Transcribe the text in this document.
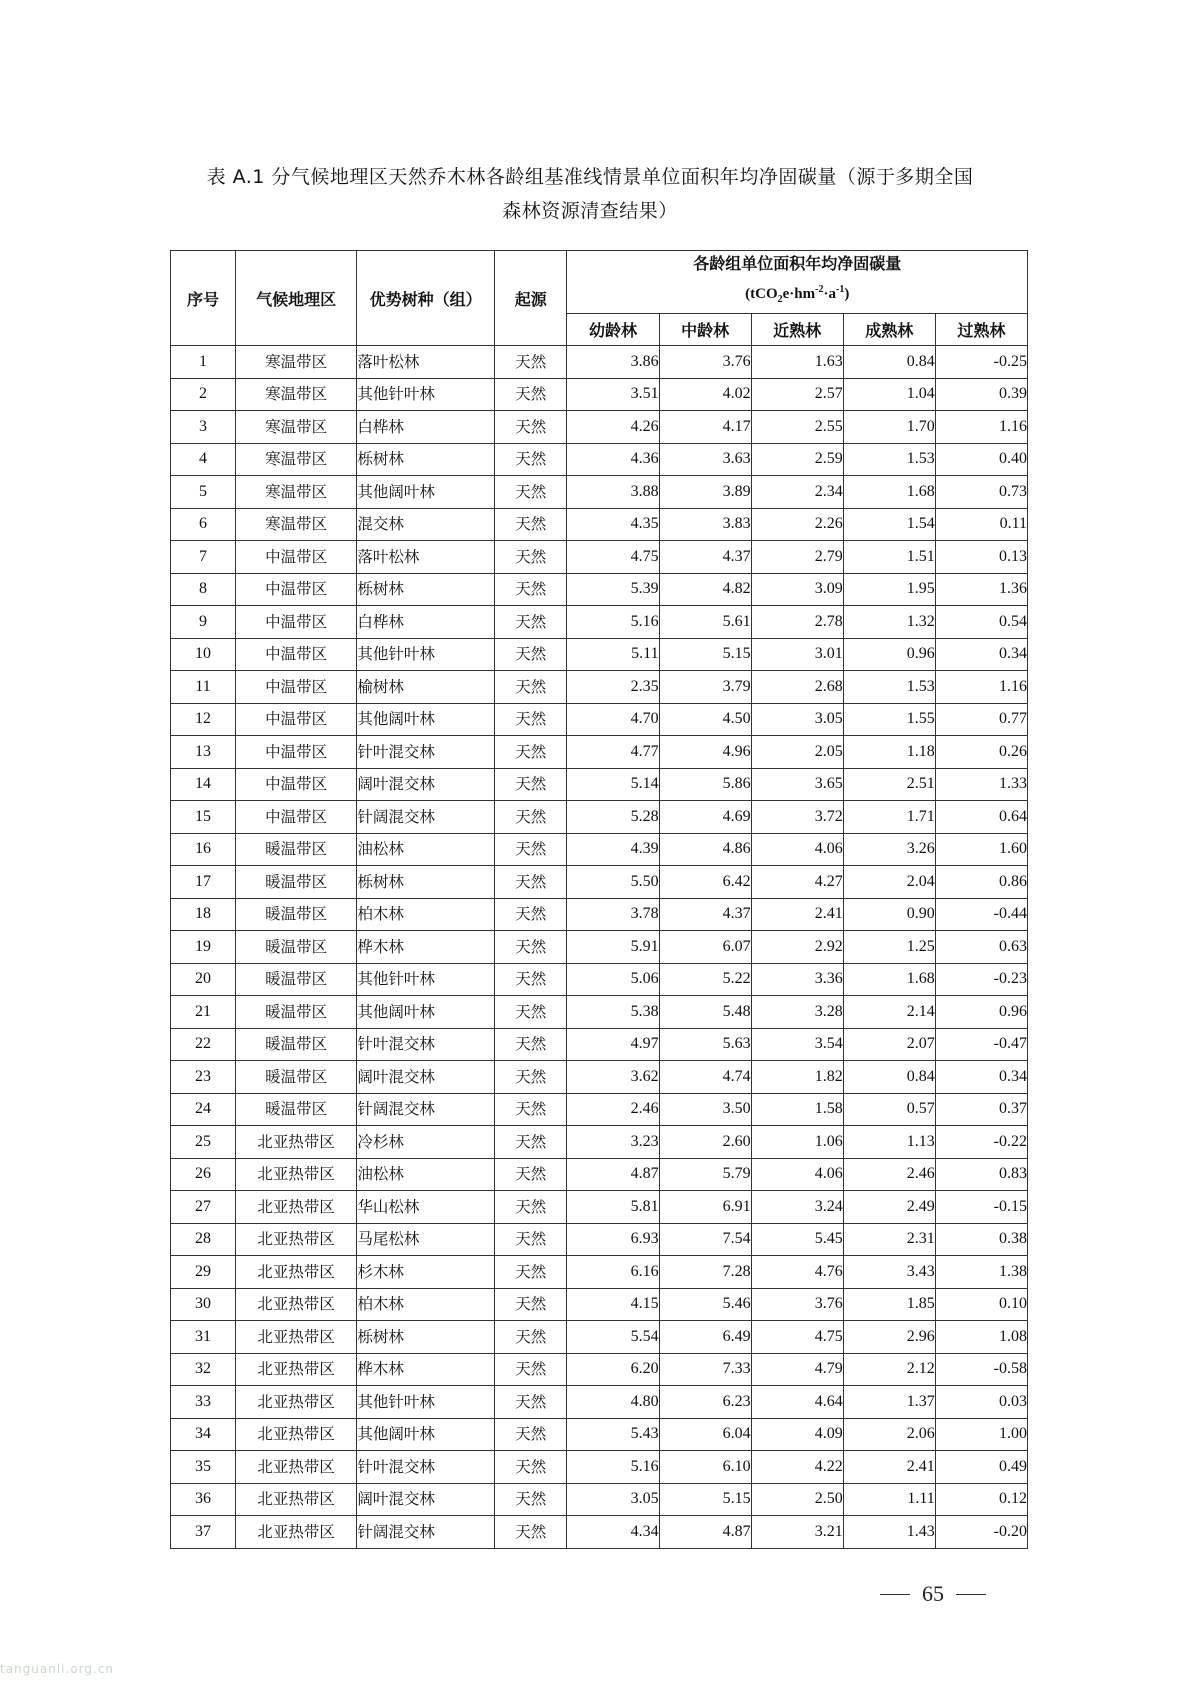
表 A.1 分气候地理区天然乔木林各龄组基准线情景单位面积年均净固碳量（源于多期全国
森林资源清查结果）
序号	气候地理区	优势树种（组）	起源	各龄组单位面积年均净固碳量
$(tCO_2e\cdot hm^{-2}\cdot a^{-1})$				

				幼龄林	中龄林	近熟林	成熟林	过熟林
1	寒温带区	落叶松林	天然	3.86	3.76	1.63	0.84	-0.25
2	寒温带区	其他针叶林	天然	3.51	4.02	2.57	1.04	0.39
3	寒温带区	白桦林	天然	4.26	4.17	2.55	1.70	1.16
4	寒温带区	栎树林	天然	4.36	3.63	2.59	1.53	0.40
5	寒温带区	其他阔叶林	天然	3.88	3.89	2.34	1.68	0.73
6	寒温带区	混交林	天然	4.35	3.83	2.26	1.54	0.11
7	中温带区	落叶松林	天然	4.75	4.37	2.79	1.51	0.13
8	中温带区	栎树林	天然	5.39	4.82	3.09	1.95	1.36
9	中温带区	白桦林	天然	5.16	5.61	2.78	1.32	0.54
10	中温带区	其他针叶林	天然	5.11	5.15	3.01	0.96	0.34
11	中温带区	榆树林	天然	2.35	3.79	2.68	1.53	1.16
12	中温带区	其他阔叶林	天然	4.70	4.50	3.05	1.55	0.77
13	中温带区	针叶混交林	天然	4.77	4.96	2.05	1.18	0.26
14	中温带区	阔叶混交林	天然	5.14	5.86	3.65	2.51	1.33
15	中温带区	针阔混交林	天然	5.28	4.69	3.72	1.71	0.64
16	暖温带区	油松林	天然	4.39	4.86	4.06	3.26	1.60
17	暖温带区	栎树林	天然	5.50	6.42	4.27	2.04	0.86
18	暖温带区	柏木林	天然	3.78	4.37	2.41	0.90	-0.44
19	暖温带区	桦木林	天然	5.91	6.07	2.92	1.25	0.63
20	暖温带区	其他针叶林	天然	5.06	5.22	3.36	1.68	-0.23
21	暖温带区	其他阔叶林	天然	5.38	5.48	3.28	2.14	0.96
22	暖温带区	针叶混交林	天然	4.97	5.63	3.54	2.07	-0.47
23	暖温带区	阔叶混交林	天然	3.62	4.74	1.82	0.84	0.34
24	暖温带区	针阔混交林	天然	2.46	3.50	1.58	0.57	0.37
25	北亚热带区	冷杉林	天然	3.23	2.60	1.06	1.13	-0.22
26	北亚热带区	油松林	天然	4.87	5.79	4.06	2.46	0.83
27	北亚热带区	华山松林	天然	5.81	6.91	3.24	2.49	-0.15
28	北亚热带区	马尾松林	天然	6.93	7.54	5.45	2.31	0.38
29	北亚热带区	杉木林	天然	6.16	7.28	4.76	3.43	1.38
30	北亚热带区	柏木林	天然	4.15	5.46	3.76	1.85	0.10
31	北亚热带区	栎树林	天然	5.54	6.49	4.75	2.96	1.08
32	北亚热带区	桦木林	天然	6.20	7.33	4.79	2.12	-0.58
33	北亚热带区	其他针叶林	天然	4.80	6.23	4.64	1.37	0.03
34	北亚热带区	其他阔叶林	天然	5.43	6.04	4.09	2.06	1.00
35	北亚热带区	针叶混交林	天然	5.16	6.10	4.22	2.41	0.49
36	北亚热带区	阔叶混交林	天然	3.05	5.15	2.50	1.11	0.12
37	北亚热带区	针阔混交林	天然	4.34	4.87	3.21	1.43	-0.20
65
tanguanli.org.cn
